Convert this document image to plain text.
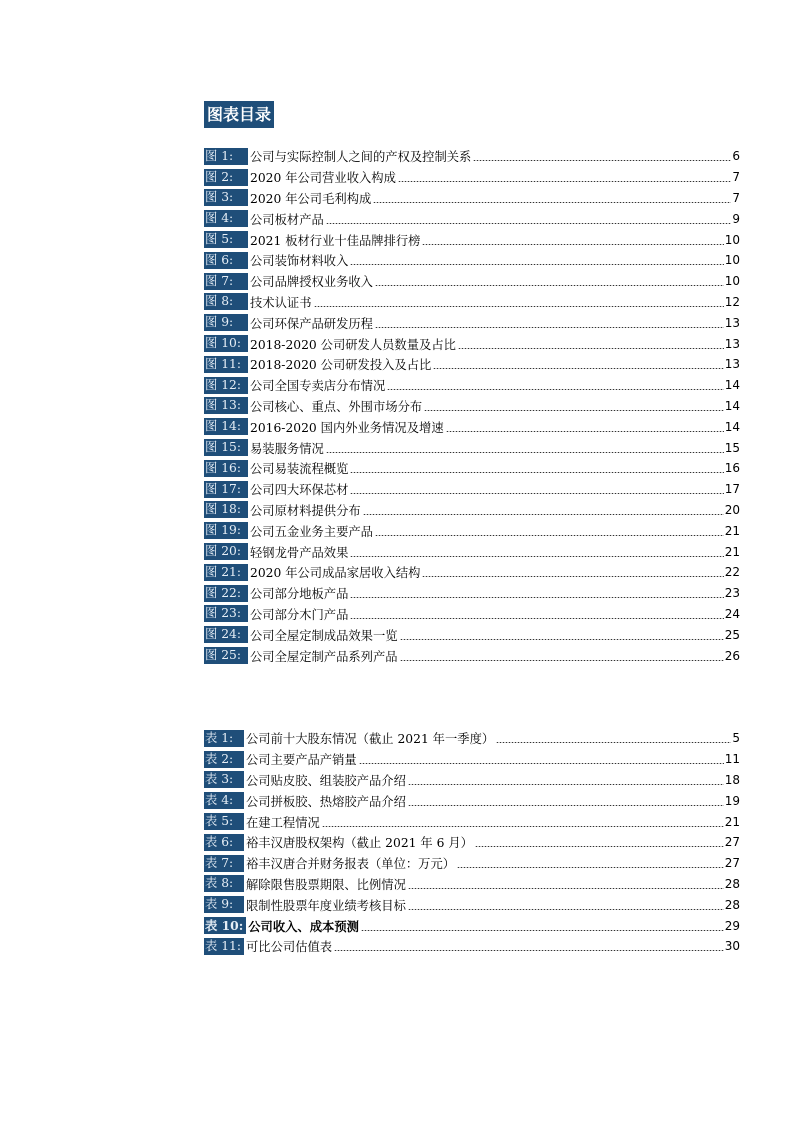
图表目录
图 1:	公司与实际控制人之间的产权及控制关系	6
图 2:	2020 年公司营业收入构成	7
图 3:	2020 年公司毛利构成	7
图 4:	公司板材产品	9
图 5:	2021 板材行业十佳品牌排行榜	10
图 6:	公司装饰材料收入	10
图 7:	公司品牌授权业务收入	10
图 8:	技术认证书	12
图 9:	公司环保产品研发历程	13
图 10: 2018-2020 公司研发人员数量及占比	13
图 11: 2018-2020 公司研发投入及占比	13
图 12: 公司全国专卖店分布情况	14
图 13: 公司核心、重点、外围市场分布	14
图 14: 2016-2020 国内外业务情况及增速	14
图 15: 易装服务情况	15
图 16: 公司易装流程概览	16
图 17: 公司四大环保芯材	17
图 18: 公司原材料提供分布	20
图 19: 公司五金业务主要产品	21
图 20: 轻钢龙骨产品效果	21
图 21: 2020 年公司成品家居收入结构	22
图 22: 公司部分地板产品	23
图 23: 公司部分木门产品	24
图 24: 公司全屋定制成品效果一览	25
图 25: 公司全屋定制产品系列产品	26
表 1:	公司前十大股东情况（截止 2021 年一季度）	5
表 2:	公司主要产品产销量	11
表 3:	公司贴皮胶、组装胶产品介绍	18
表 4:	公司拼板胶、热熔胶产品介绍	19
表 5:	在建工程情况	21
表 6:	裕丰汉唐股权架构（截止 2021 年 6 月）	27
表 7:	裕丰汉唐合并财务报表（单位：万元）	27
表 8:	解除限售股票期限、比例情况	28
表 9:	限制性股票年度业绩考核目标	28
表 10: 公司收入、成本预测	29
表 11: 可比公司估值表	30
